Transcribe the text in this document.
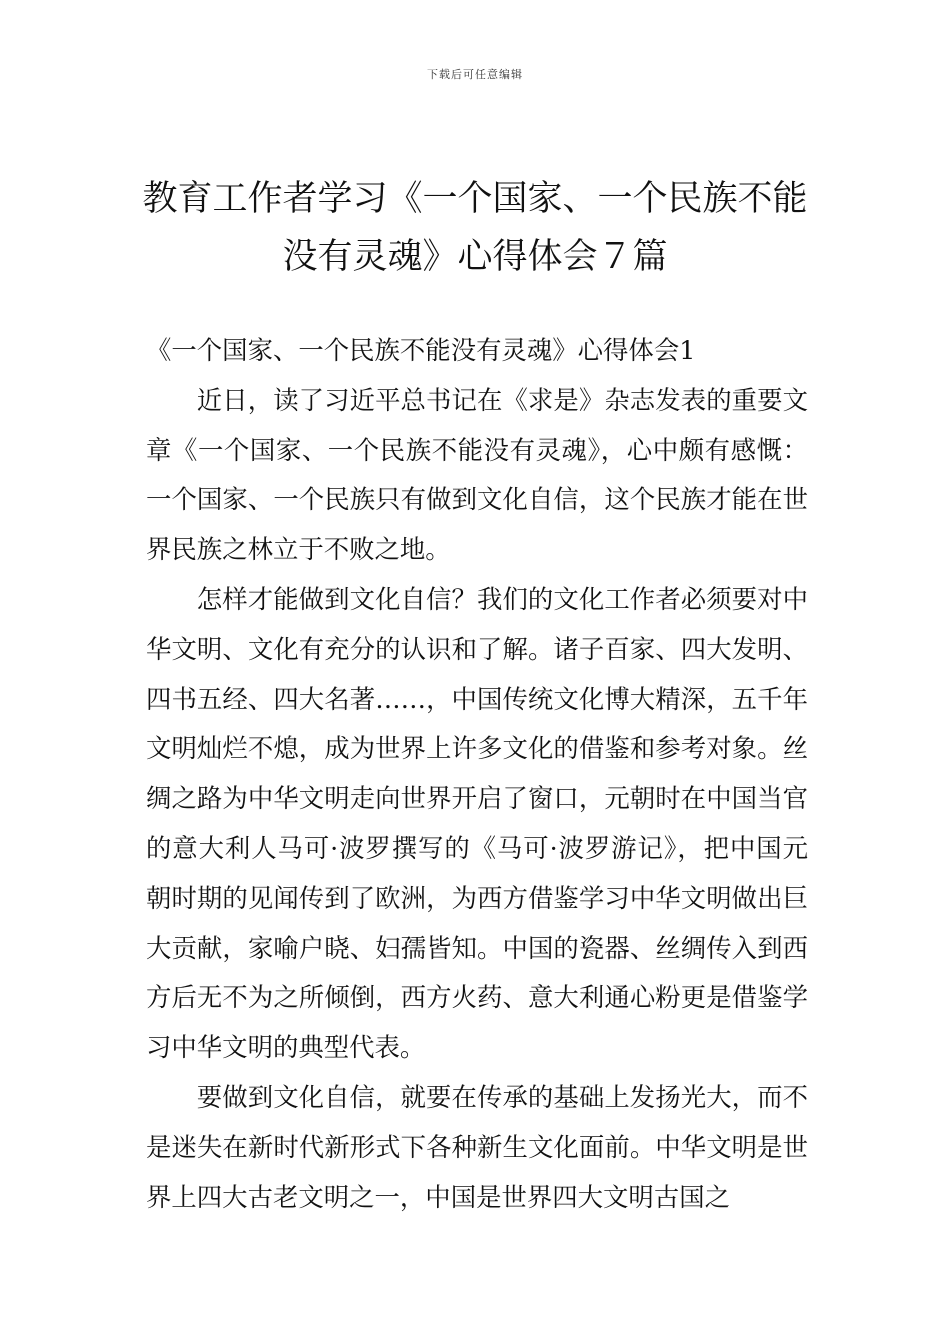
下载后可任意编辑
教育工作者学习《一个国家、一个民族不能没有灵魂》心得体会７篇

《一个国家、一个民族不能没有灵魂》心得体会1

近日，读了习近平总书记在《求是》杂志发表的重要文章《一个国家、一个民族不能没有灵魂》，心中颇有感慨：一个国家、一个民族只有做到文化自信，这个民族才能在世界民族之林立于不败之地。

怎样才能做到文化自信？我们的文化工作者必须要对中华文明、文化有充分的认识和了解。诸子百家、四大发明、四书五经、四大名著……，中国传统文化博大精深，五千年文明灿烂不熄，成为世界上许多文化的借鉴和参考对象。丝绸之路为中华文明走向世界开启了窗口，元朝时在中国当官的意大利人马可·波罗撰写的《马可·波罗游记》，把中国元朝时期的见闻传到了欧洲，为西方借鉴学习中华文明做出巨大贡献，家喻户晓、妇孺皆知。中国的瓷器、丝绸传入到西方后无不为之所倾倒，西方火药、意大利通心粉更是借鉴学习中华文明的典型代表。

要做到文化自信，就要在传承的基础上发扬光大，而不是迷失在新时代新形式下各种新生文化面前。中华文明是世界上四大古老文明之一，中国是世界四大文明古国之
